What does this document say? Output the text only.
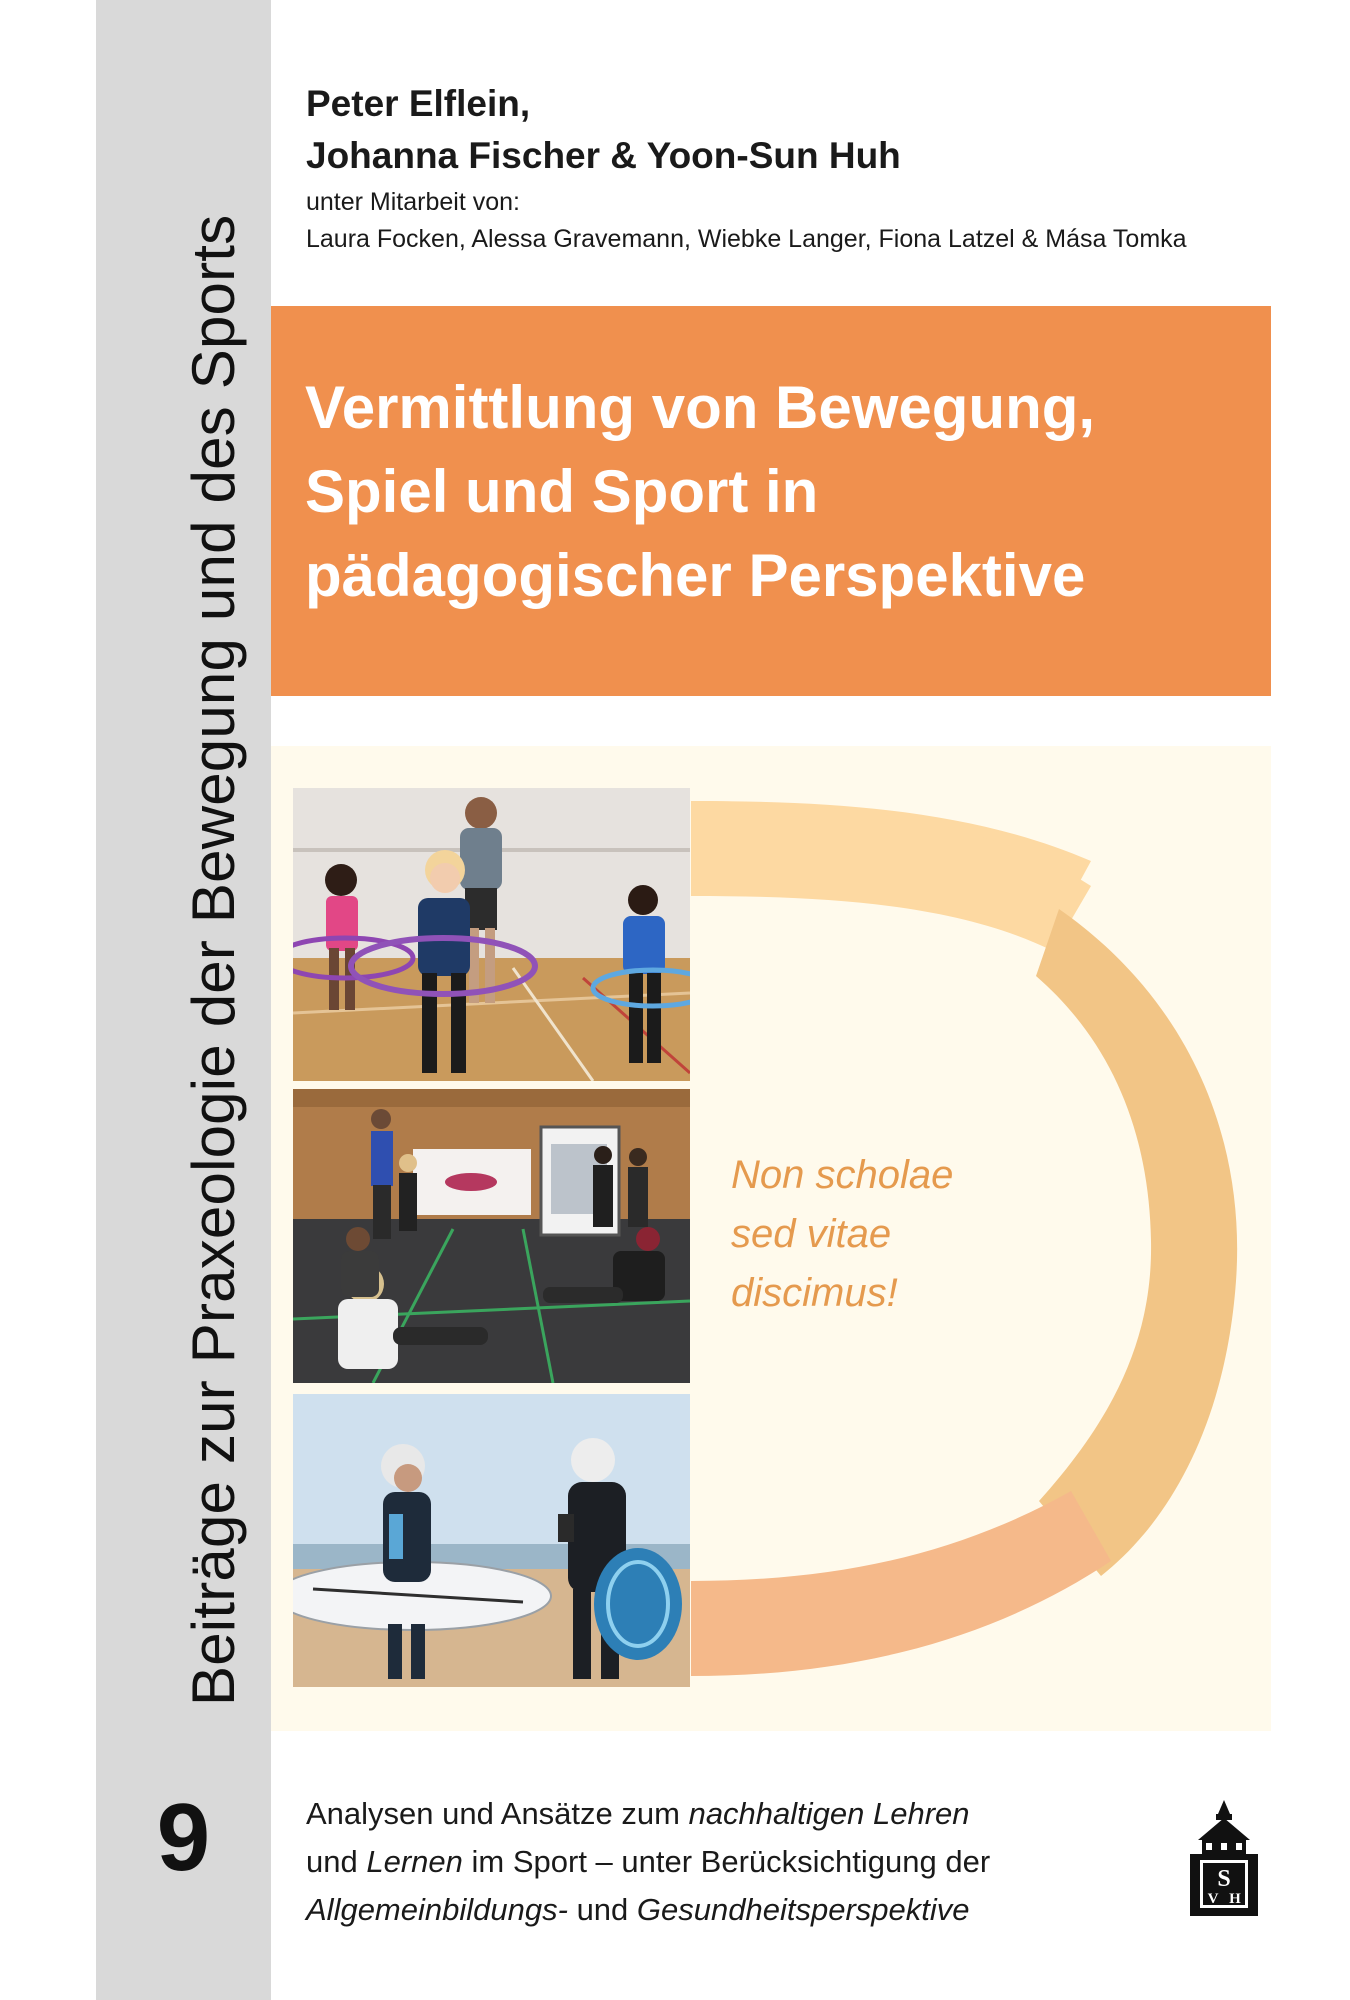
Beiträge zur Praxeologie der Bewegung und des Sports
9
Peter Elflein,
Johanna Fischer & Yoon-Sun Huh
unter Mitarbeit von:
Laura Focken, Alessa Gravemann, Wiebke Langer, Fiona Latzel & Mása Tomka
Vermittlung von Bewegung,
Spiel und Sport in
pädagogischer Perspektive
Non scholae
sed vitae
discimus!
Analysen und Ansätze zum nachhaltigen Lehren
und Lernen im Sport – unter Berücksichtigung der
Allgemeinbildungs- und Gesundheitsperspektive
S
V H
